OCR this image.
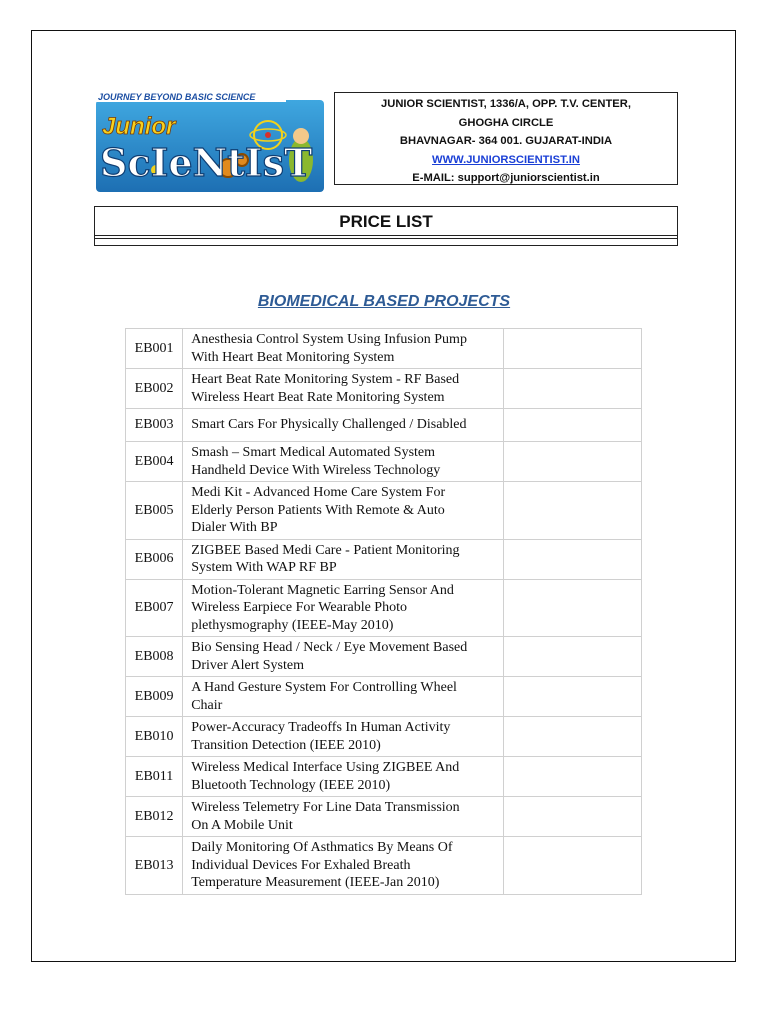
JOURNEY BEYOND BASIC SCIENCE
Junior
ScIeNtIsT
JUNIOR SCIENTIST, 1336/A, OPP. T.V. CENTER,
GHOGHA CIRCLE
BHAVNAGAR- 364 001. GUJARAT-INDIA
WWW.JUNIORSCIENTIST.IN
E-MAIL: support@juniorscientist.in
PRICE LIST
BIOMEDICAL BASED PROJECTS
EB001	Anesthesia Control System Using Infusion Pump
With Heart Beat Monitoring System	

EB002	Heart Beat Rate Monitoring System - RF Based
Wireless Heart Beat Rate Monitoring System	

EB003	Smart Cars For Physically Challenged / Disabled	

EB004	Smash – Smart Medical Automated System
Handheld Device With Wireless Technology	

EB005	Medi Kit - Advanced Home Care System For
Elderly Person Patients With Remote & Auto
Dialer With BP	

EB006	ZIGBEE Based Medi Care - Patient Monitoring
System With WAP RF BP	

EB007	Motion-Tolerant Magnetic Earring Sensor And
Wireless Earpiece For Wearable Photo
plethysmography (IEEE-May 2010)	

EB008	Bio Sensing Head / Neck / Eye Movement Based
Driver Alert System	

EB009	A Hand Gesture System For Controlling Wheel
Chair	

EB010	Power-Accuracy Tradeoffs In Human Activity
Transition Detection (IEEE 2010)	

EB011	Wireless Medical Interface Using ZIGBEE And
Bluetooth Technology (IEEE 2010)	

EB012	Wireless Telemetry For Line Data Transmission
On A Mobile Unit	

EB013	Daily Monitoring Of Asthmatics By Means Of
Individual Devices For Exhaled Breath
Temperature Measurement (IEEE-Jan 2010)	
